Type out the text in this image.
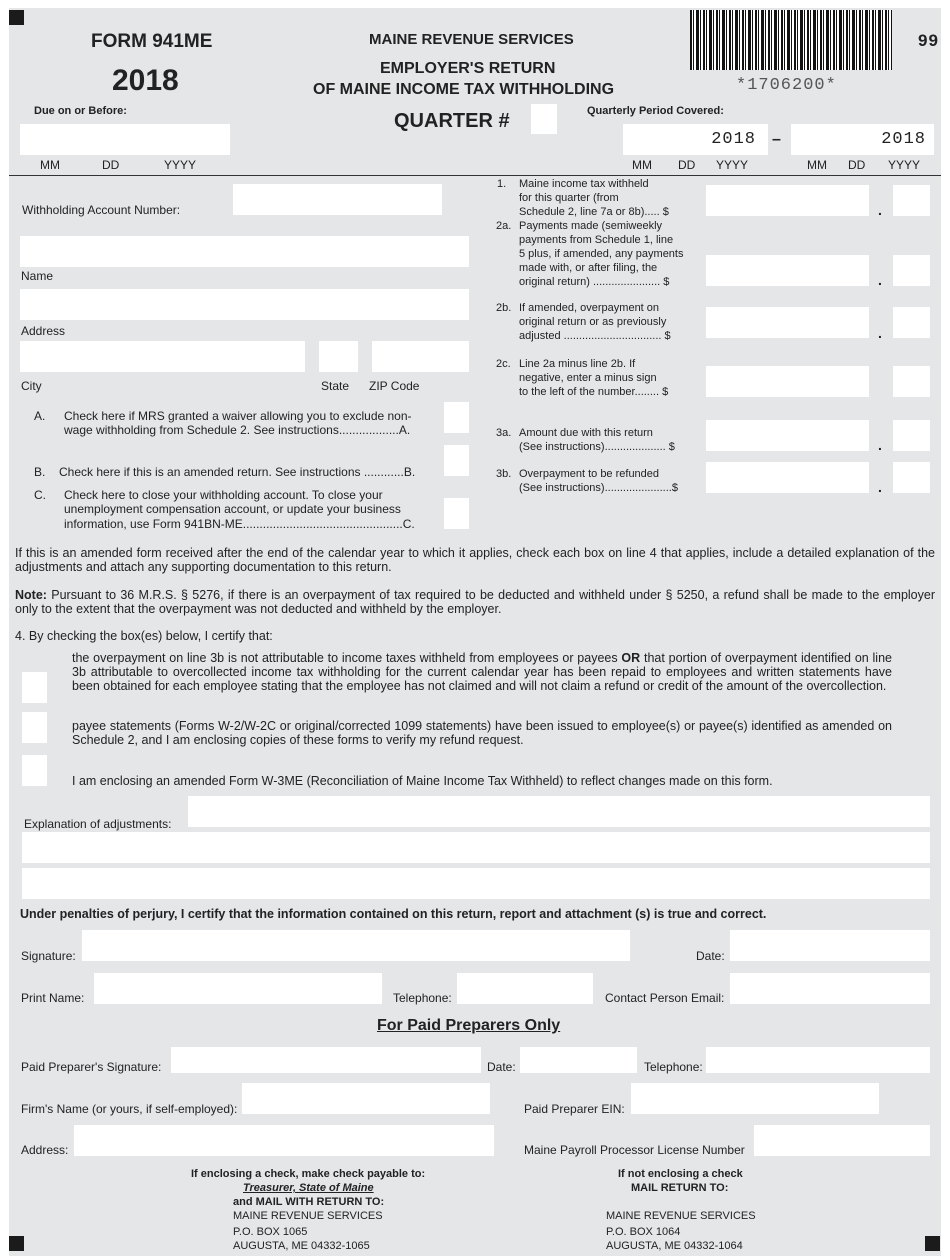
FORM 941ME
2018
MAINE REVENUE SERVICES
EMPLOYER'S RETURN
OF MAINE INCOME TAX WITHHOLDING
QUARTER #
*1706200*
99
Due on or Before:
MM	DD	YYYY
Quarterly Period Covered:
2018 –	2018
MM DD YYYY	MM DD YYYY
Withholding Account Number:
Name
Address
City	State ZIP Code
A. Check here if MRS granted a waiver allowing you to exclude non-
wage withholding from Schedule 2. See instructions..................A.
B. Check here if this is an amended return. See instructions ............B.
C. Check here to close your withholding account. To close your
unemployment compensation account, or update your business
information, use Form 941BN-ME................................................C.
1. Maine income tax withheld
for this quarter (from
Schedule 2, line 7a or 8b)..... $	.
2a. Payments made (semiweekly
payments from Schedule 1, line
5 plus, if amended, any payments
made with, or after filing, the
original return) ...................... $	.
2b. If amended, overpayment on
original return or as previously
adjusted ................................ $	.
2c. Line 2a minus line 2b. If
negative, enter a minus sign
to the left of the number........ $
3a. Amount due with this return
(See instructions).................... $	.
3b. Overpayment to be refunded
(See instructions)......................$	.
If this is an amended form received after the end of the calendar year to which it applies, check each box on line 4 that applies, include a detailed explanation of the adjustments and attach any supporting documentation to this return.
Note: Pursuant to 36 M.R.S. § 5276, if there is an overpayment of tax required to be deducted and withheld under § 5250, a refund shall be made to the employer only to the extent that the overpayment was not deducted and withheld by the employer.
4. By checking the box(es) below, I certify that:
the overpayment on line 3b is not attributable to income taxes withheld from employees or payees OR that portion of overpayment identified on line 3b attributable to overcollected income tax withholding for the current calendar year has been repaid to employees and written statements have been obtained for each employee stating that the employee has not claimed and will not claim a refund or credit of the amount of the overcollection.
payee statements (Forms W-2/W-2C or original/corrected 1099 statements) have been issued to employee(s) or payee(s) identified as amended on Schedule 2, and I am enclosing copies of these forms to verify my refund request.
I am enclosing an amended Form W-3ME (Reconciliation of Maine Income Tax Withheld) to reflect changes made on this form.
Explanation of adjustments:
Under penalties of perjury, I certify that the information contained on this return, report and attachment (s) is true and correct.
Signature:	Date:
Print Name:	Telephone:	Contact Person Email:
For Paid Preparers Only
Paid Preparer's Signature:	Date:	Telephone:
Firm's Name (or yours, if self-employed):	Paid Preparer EIN:
Address:	Maine Payroll Processor License Number
If enclosing a check, make check payable to:
Treasurer, State of Maine
and MAIL WITH RETURN TO:
MAINE REVENUE SERVICES
P.O. BOX 1065
AUGUSTA, ME 04332-1065
If not enclosing a check
MAIL RETURN TO:
MAINE REVENUE SERVICES
P.O. BOX 1064
AUGUSTA, ME 04332-1064
